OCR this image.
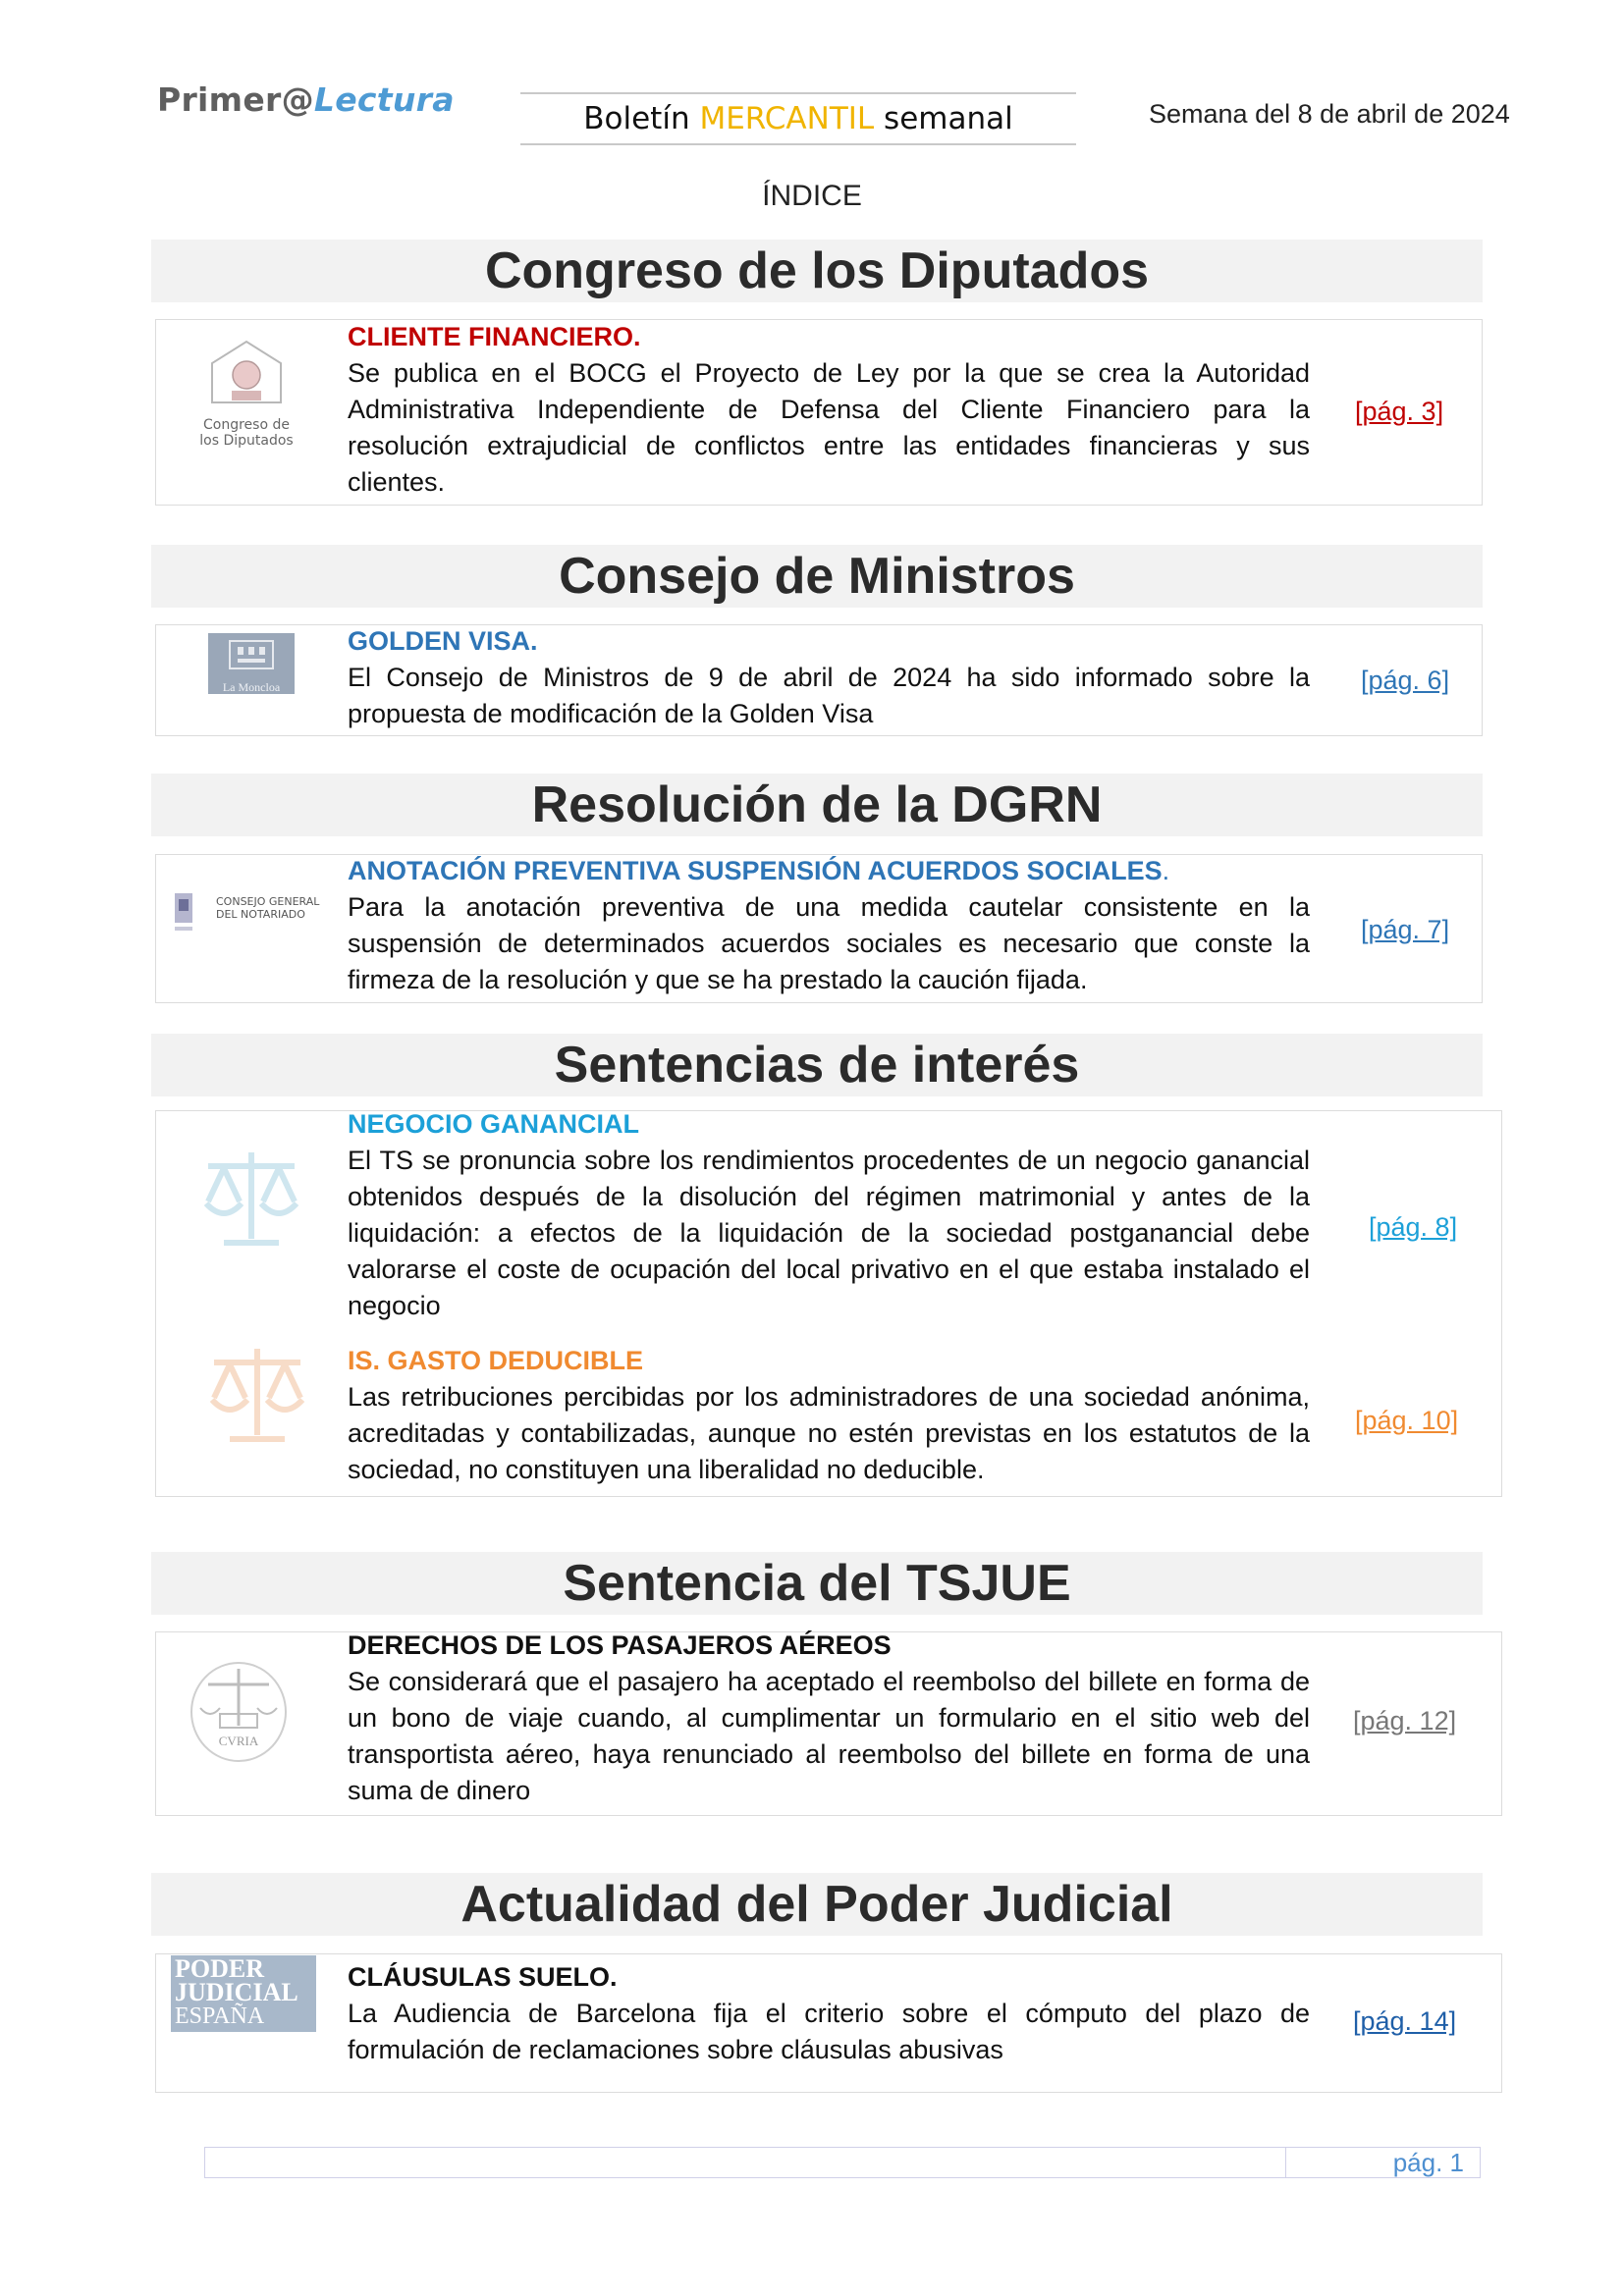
Primer@Lectura	Boletín MERCANTIL semanal	Semana del 8 de abril de 2024
ÍNDICE
Congreso de los Diputados
Congreso de
los Diputados
CLIENTE FINANCIERO.
Se publica en el BOCG el Proyecto de Ley por la que se crea la Autoridad Administrativa Independiente de Defensa del Cliente Financiero para la resolución extrajudicial de conflictos entre las entidades financieras y sus clientes.
[pág. 3]
Consejo de Ministros
La Moncloa
GOLDEN VISA.
El Consejo de Ministros de 9 de abril de 2024 ha sido informado sobre la propuesta de modificación de la Golden Visa
[pág. 6]
Resolución de la DGRN
CONSEJO GENERAL
DEL NOTARIADO
ANOTACIÓN PREVENTIVA SUSPENSIÓN ACUERDOS SOCIALES.
Para la anotación preventiva de una medida cautelar consistente en la suspensión de determinados acuerdos sociales es necesario que conste la firmeza de la resolución y que se ha prestado la caución fijada.
[pág. 7]
Sentencias de interés
NEGOCIO GANANCIAL
El TS se pronuncia sobre los rendimientos procedentes de un negocio ganancial obtenidos después de la disolución del régimen matrimonial y antes de la liquidación: a efectos de la liquidación de la sociedad postganancial debe valorarse el coste de ocupación del local privativo en el que estaba instalado el negocio
[pág. 8]
IS. GASTO DEDUCIBLE
Las retribuciones percibidas por los administradores de una sociedad anónima, acreditadas y contabilizadas, aunque no estén previstas en los estatutos de la sociedad, no constituyen una liberalidad no deducible.
[pág. 10]
Sentencia del TSJUE
CVRIA
DERECHOS DE LOS PASAJEROS AÉREOS
Se considerará que el pasajero ha aceptado el reembolso del billete en forma de un bono de viaje cuando, al cumplimentar un formulario en el sitio web del transportista aéreo, haya renunciado al reembolso del billete en forma de una suma de dinero
[pág. 12]
Actualidad del Poder Judicial
PODER
JUDICIAL
ESPAÑA
CLÁUSULAS SUELO.
La Audiencia de Barcelona fija el criterio sobre el cómputo del plazo de formulación de reclamaciones sobre cláusulas abusivas
[pág. 14]
pág. 1
